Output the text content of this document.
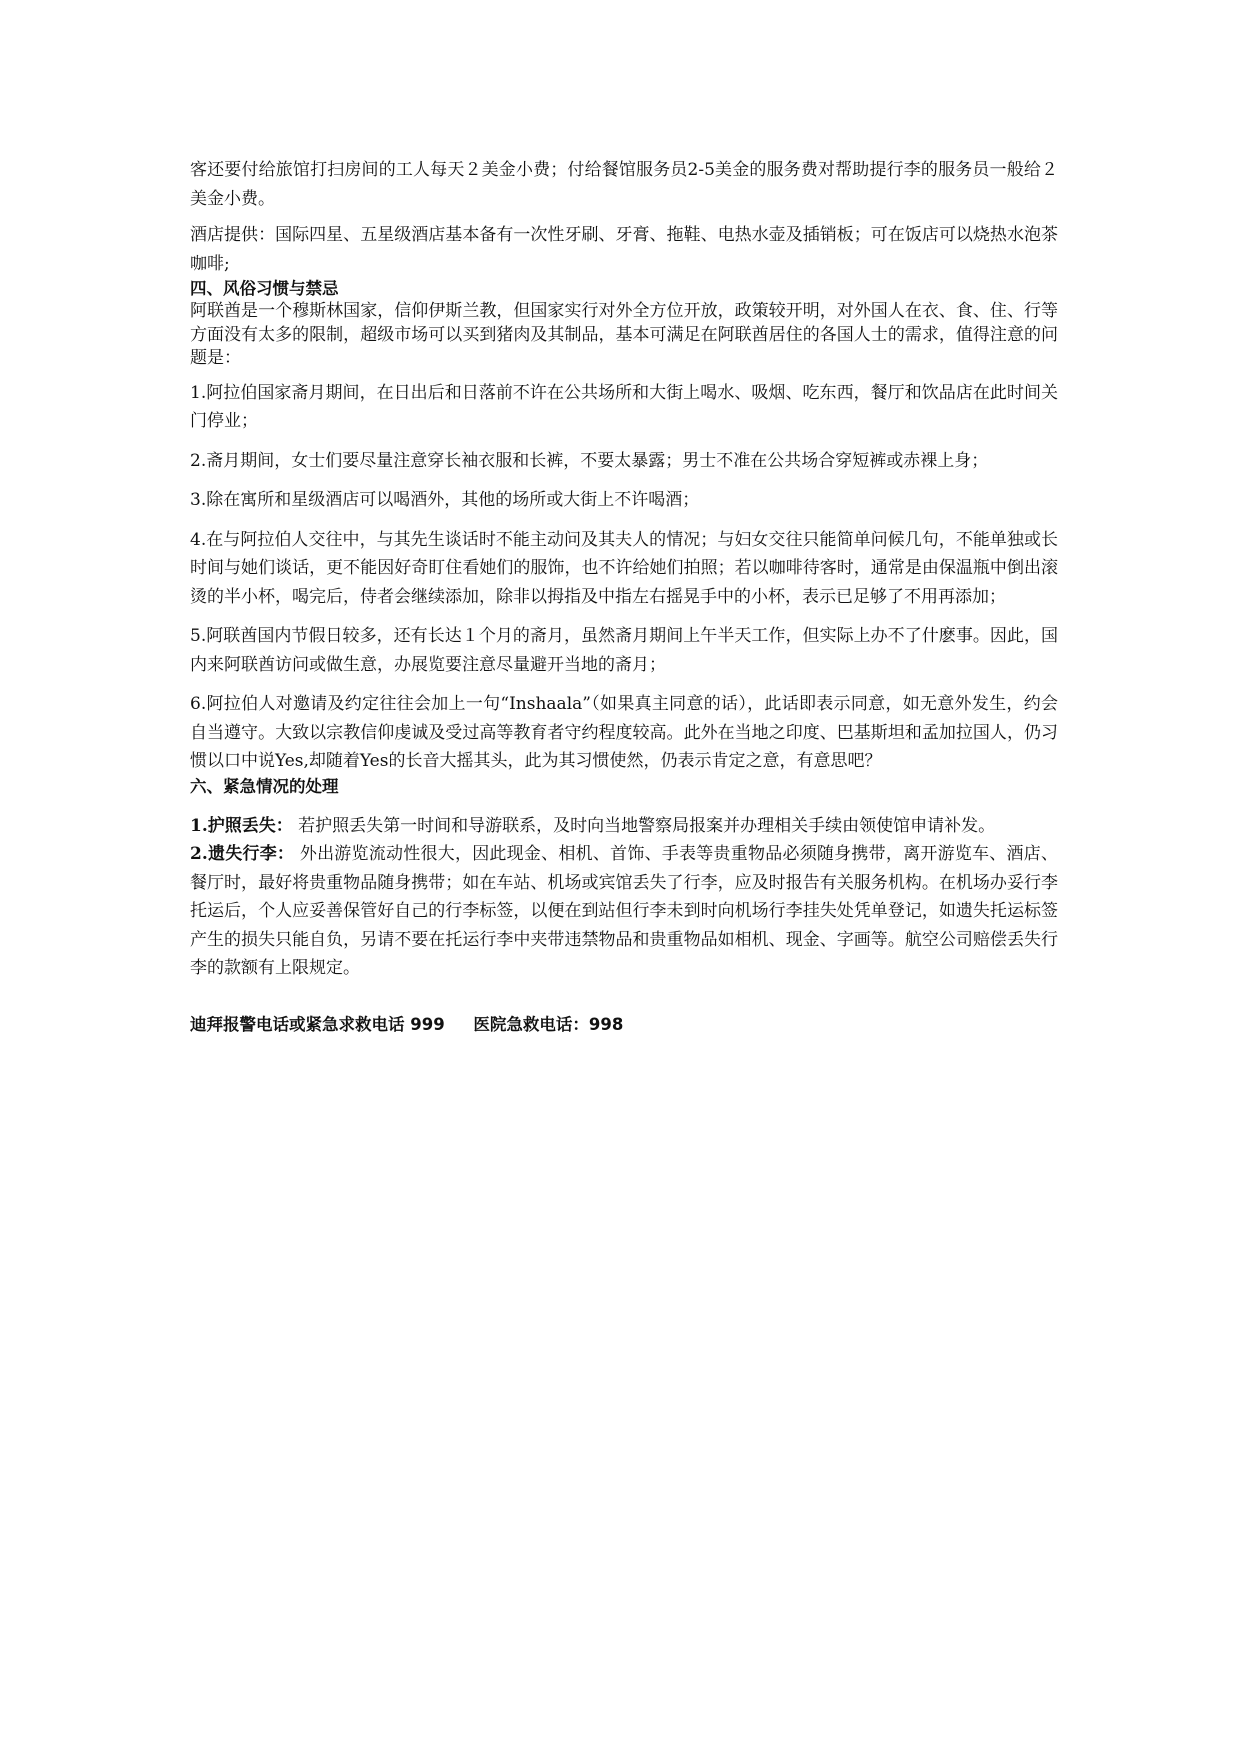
客还要付给旅馆打扫房间的工人每天２美金小费；付给餐馆服务员2-5美金的服务费对帮助提行李的服务员一般给２美金小费。

酒店提供：国际四星、五星级酒店基本备有一次性牙刷、牙膏、拖鞋、电热水壶及插销板；可在饭店可以烧热水泡茶咖啡;

四、风俗习惯与禁忌

阿联酋是一个穆斯林国家，信仰伊斯兰教，但国家实行对外全方位开放，政策较开明，对外国人在衣、食、住、行等方面没有太多的限制，超级市场可以买到猪肉及其制品，基本可满足在阿联酋居住的各国人士的需求，值得注意的问题是：

1.阿拉伯国家斋月期间，在日出后和日落前不许在公共场所和大街上喝水、吸烟、吃东西，餐厅和饮品店在此时间关门停业；

2.斋月期间，女士们要尽量注意穿长袖衣服和长裤，不要太暴露；男士不准在公共场合穿短裤或赤裸上身；

3.除在寓所和星级酒店可以喝酒外，其他的场所或大街上不许喝酒；

4.在与阿拉伯人交往中，与其先生谈话时不能主动问及其夫人的情况；与妇女交往只能简单问候几句，不能单独或长时间与她们谈话，更不能因好奇盯住看她们的服饰，也不许给她们拍照；若以咖啡待客时，通常是由保温瓶中倒出滚烫的半小杯，喝完后，侍者会继续添加，除非以拇指及中指左右摇晃手中的小杯，表示已足够了不用再添加；

5.阿联酋国内节假日较多，还有长达１个月的斋月，虽然斋月期间上午半天工作，但实际上办不了什麽事。因此，国内来阿联酋访问或做生意，办展览要注意尽量避开当地的斋月；

6.阿拉伯人对邀请及约定往往会加上一句“Inshaala”（如果真主同意的话），此话即表示同意，如无意外发生，约会自当遵守。大致以宗教信仰虔诚及受过高等教育者守约程度较高。此外在当地之印度、巴基斯坦和孟加拉国人，仍习惯以口中说Yes,却随着Yes的长音大摇其头，此为其习惯使然，仍表示肯定之意，有意思吧？

六、紧急情况的处理

1.护照丢失： 若护照丢失第一时间和导游联系，及时向当地警察局报案并办理相关手续由领使馆申请补发。

2.遗失行李： 外出游览流动性很大，因此现金、相机、首饰、手表等贵重物品必须随身携带，离开游览车、酒店、餐厅时，最好将贵重物品随身携带；如在车站、机场或宾馆丢失了行李，应及时报告有关服务机构。在机场办妥行李托运后，个人应妥善保管好自己的行李标签，以便在到站但行李未到时向机场行李挂失处凭单登记，如遗失托运标签产生的损失只能自负，另请不要在托运行李中夹带违禁物品和贵重物品如相机、现金、字画等。航空公司赔偿丢失行李的款额有上限规定。

迪拜报警电话或紧急求救电话 999 医院急救电话：998
